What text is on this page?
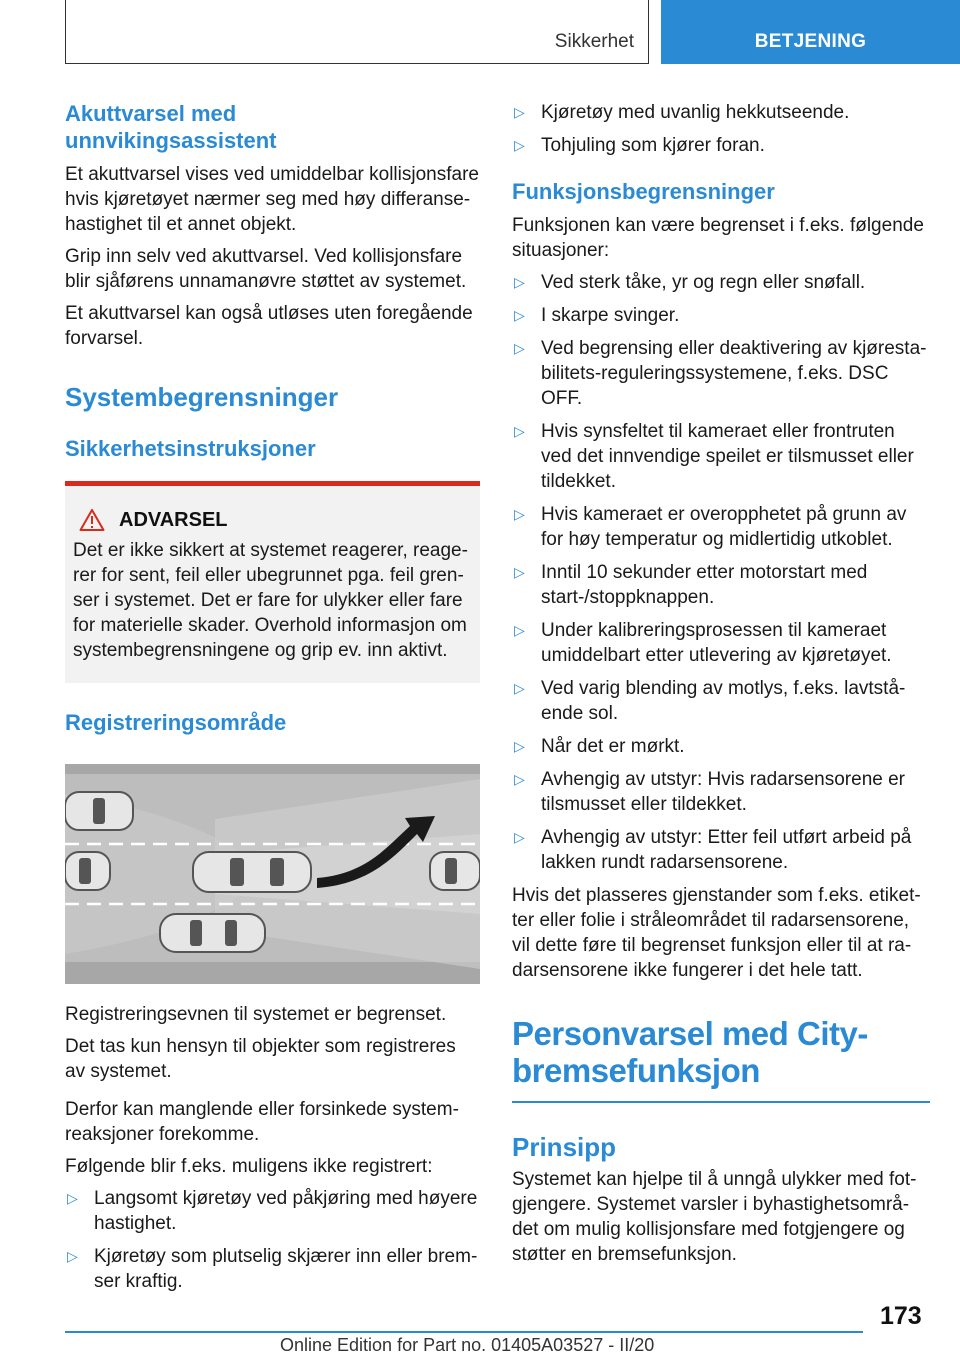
Sikkerhet	BETJENING
Akuttvarsel med unnvikingsassistent

Et akuttvarsel vises ved umiddelbar kollisjonsfare hvis kjøretøyet nærmer seg med høy differanse-hastighet til et annet objekt.

Grip inn selv ved akuttvarsel. Ved kollisjonsfare blir sjåførens unnamanøvre støttet av systemet.

Et akuttvarsel kan også utløses uten foregående forvarsel.

Systembegrensninger
Sikkerhetsinstruksjoner
ADVARSEL

Det er ikke sikkert at systemet reagerer, reage-rer for sent, feil eller ubegrunnet pga. feil gren-ser i systemet. Det er fare for ulykker eller fare for materielle skader. Overhold informasjon om systembegrensningene og grip ev. inn aktivt.

Registreringsområde

Registreringsevnen til systemet er begrenset.

Det tas kun hensyn til objekter som registreres av systemet.

Derfor kan manglende eller forsinkede system-reaksjoner forekomme.

Følgende blir f.eks. muligens ikke registrert:

▷ Langsomt kjøretøy ved påkjøring med høyere hastighet.
▷ Kjøretøy som plutselig skjærer inn eller brem-ser kraftig.
▷ Kjøretøy med uvanlig hekkutseende.
▷ Tohjuling som kjører foran.
Funksjonsbegrensninger

Funksjonen kan være begrenset i f.eks. følgende situasjoner:

▷ Ved sterk tåke, yr og regn eller snøfall.
▷ I skarpe svinger.
▷ Ved begrensing eller deaktivering av kjøresta-bilitets-reguleringssystemene, f.eks. DSC OFF.
▷ Hvis synsfeltet til kameraet eller frontruten ved det innvendige speilet er tilsmusset eller tildekket.
▷ Hvis kameraet er overopphetet på grunn av for høy temperatur og midlertidig utkoblet.
▷ Inntil 10 sekunder etter motorstart med start-/stoppknappen.
▷ Under kalibreringsprosessen til kameraet umiddelbart etter utlevering av kjøretøyet.
▷ Ved varig blending av motlys, f.eks. lavtstå-ende sol.
▷ Når det er mørkt.
▷ Avhengig av utstyr: Hvis radarsensorene er tilsmusset eller tildekket.
▷ Avhengig av utstyr: Etter feil utført arbeid på lakken rundt radarsensorene.

Hvis det plasseres gjenstander som f.eks. etiket-ter eller folie i stråleområdet til radarsensorene, vil dette føre til begrenset funksjon eller til at ra-darsensorene ikke fungerer i det hele tatt.

Personvarsel med City-bremsefunksjon
Prinsipp

Systemet kan hjelpe til å unngå ulykker med fot-gjengere. Systemet varsler i byhastighetsområ-det om mulig kollisjonsfare med fotgjengere og støtter en bremsefunksjon.

173
Online Edition for Part no. 01405A03527 - II/20
